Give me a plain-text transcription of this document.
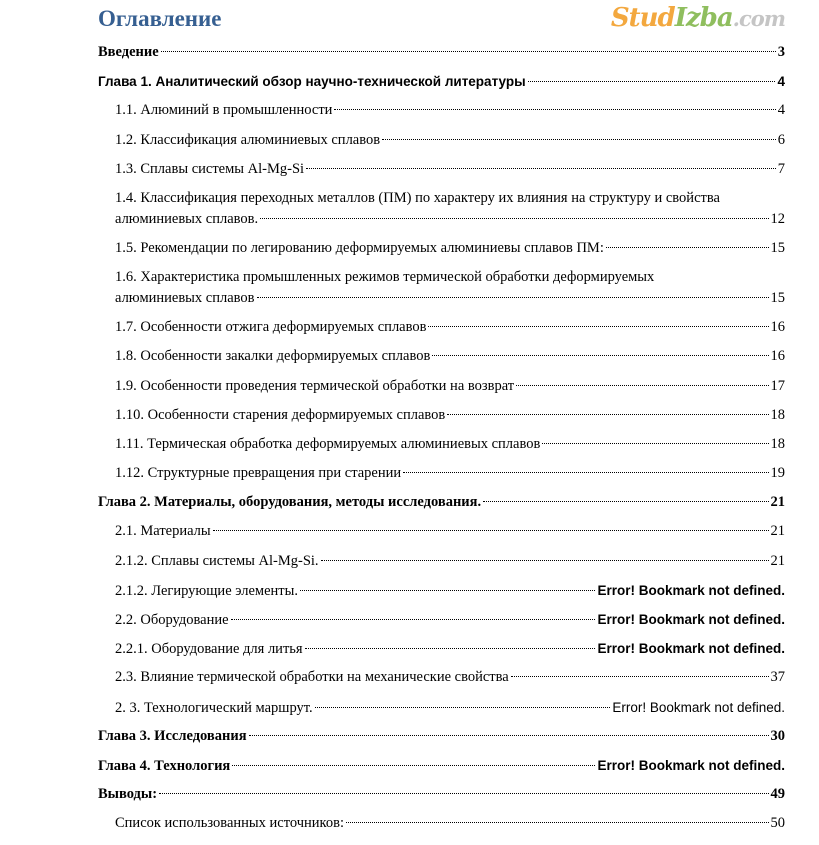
Оглавление	StudIzba.com
Введение	3
Глава 1. Аналитический обзор научно-технической литературы	4
1.1. Алюминий в промышленности	4
1.2. Классификация алюминиевых сплавов	6
1.3. Сплавы системы Al-Mg-Si	7
1.4. Классификация переходных металлов (ПМ) по характеру их влияния на структуру и свойства
алюминиевых сплавов.	12
1.5. Рекомендации по легированию деформируемых алюминиевы сплавов ПМ:	15
1.6. Характеристика промышленных режимов термической обработки деформируемых
алюминиевых сплавов	15
1.7. Особенности отжига деформируемых сплавов	16
1.8. Особенности закалки деформируемых сплавов	16
1.9. Особенности проведения термической обработки на возврат	17
1.10. Особенности старения деформируемых сплавов	18
1.11. Термическая обработка деформируемых алюминиевых сплавов	18
1.12. Структурные превращения при старении	19
Глава 2. Материалы, оборудования, методы исследования.	21
2.1. Материалы	21
2.1.2. Сплавы системы Al-Mg-Si.	21
2.1.2. Легирующие элементы.	Error! Bookmark not defined.
2.2. Оборудование	Error! Bookmark not defined.
2.2.1. Оборудование для литья	Error! Bookmark not defined.
2.3. Влияние термической обработки на механические свойства	37
2. 3. Технологический маршрут.	Error! Bookmark not defined.
Глава 3. Исследования	30
Глава 4. Технология	Error! Bookmark not defined.
Выводы:	49
Список использованных источников:	50
